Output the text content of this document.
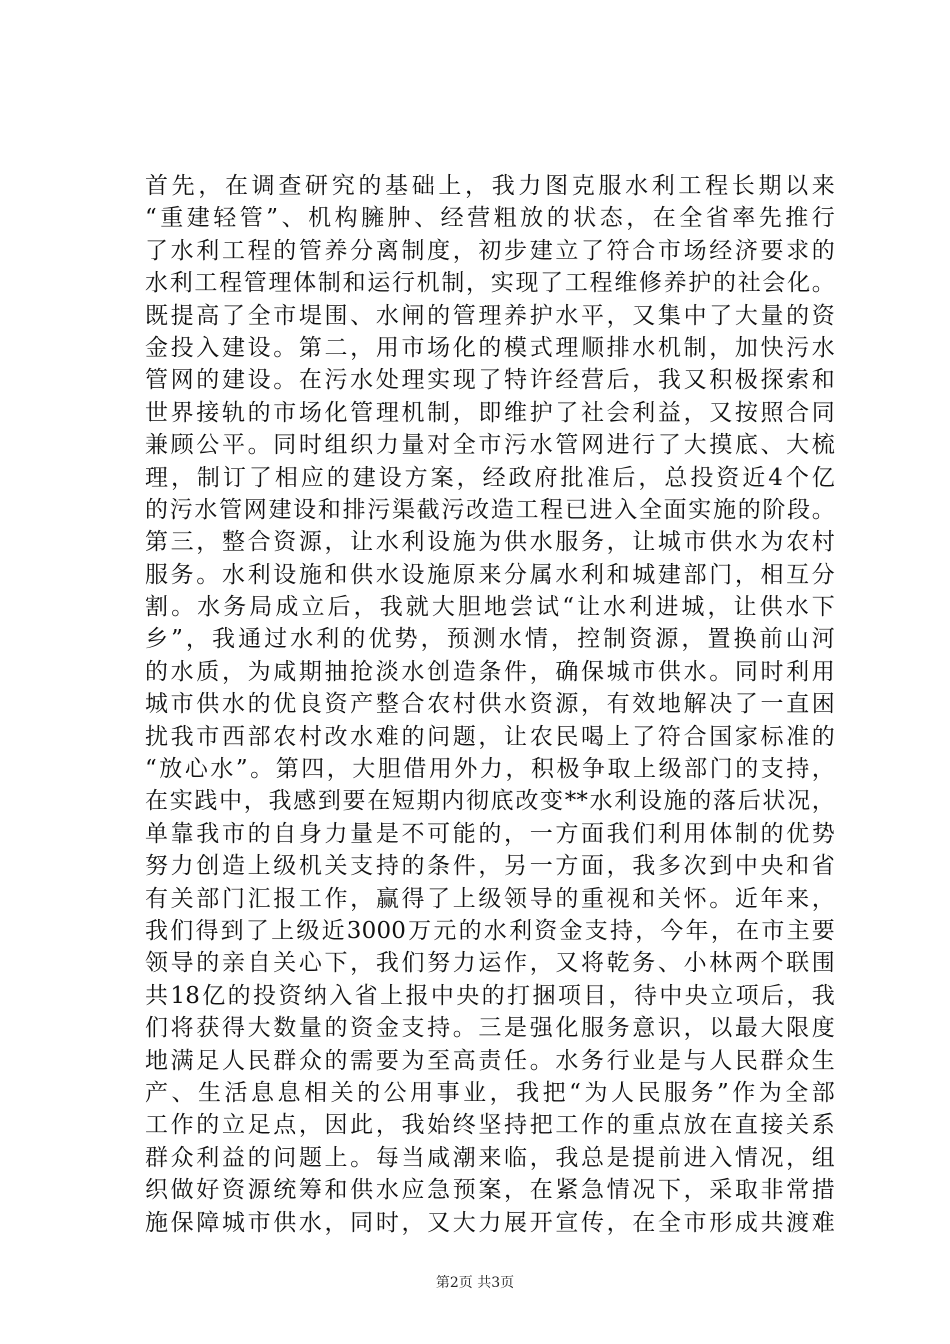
首先，在调查研究的基础上，我力图克服水利工程长期以来
“重建轻管”、机构臃肿、经营粗放的状态，在全省率先推行
了水利工程的管养分离制度，初步建立了符合市场经济要求的
水利工程管理体制和运行机制，实现了工程维修养护的社会化。
既提高了全市堤围、水闸的管理养护水平，又集中了大量的资
金投入建设。第二，用市场化的模式理顺排水机制，加快污水
管网的建设。在污水处理实现了特许经营后，我又积极探索和
世界接轨的市场化管理机制，即维护了社会利益，又按照合同
兼顾公平。同时组织力量对全市污水管网进行了大摸底、大梳
理，制订了相应的建设方案，经政府批准后，总投资近4个亿
的污水管网建设和排污渠截污改造工程已进入全面实施的阶段。
第三，整合资源，让水利设施为供水服务，让城市供水为农村
服务。水利设施和供水设施原来分属水利和城建部门，相互分
割。水务局成立后，我就大胆地尝试“让水利进城，让供水下
乡”，我通过水利的优势，预测水情，控制资源，置换前山河
的水质，为咸期抽抢淡水创造条件，确保城市供水。同时利用
城市供水的优良资产整合农村供水资源，有效地解决了一直困
扰我市西部农村改水难的问题，让农民喝上了符合国家标准的
“放心水”。第四，大胆借用外力，积极争取上级部门的支持，
在实践中，我感到要在短期内彻底改变**水利设施的落后状况，
单靠我市的自身力量是不可能的，一方面我们利用体制的优势
努力创造上级机关支持的条件，另一方面，我多次到中央和省
有关部门汇报工作，赢得了上级领导的重视和关怀。近年来，
我们得到了上级近3000万元的水利资金支持，今年，在市主要
领导的亲自关心下，我们努力运作，又将乾务、小林两个联围
共18亿的投资纳入省上报中央的打捆项目，待中央立项后，我
们将获得大数量的资金支持。三是强化服务意识，以最大限度
地满足人民群众的需要为至高责任。水务行业是与人民群众生
产、生活息息相关的公用事业，我把“为人民服务”作为全部
工作的立足点，因此，我始终坚持把工作的重点放在直接关系
群众利益的问题上。每当咸潮来临，我总是提前进入情况，组
织做好资源统筹和供水应急预案，在紧急情况下，采取非常措
施保障城市供水，同时，又大力展开宣传，在全市形成共渡难
第2页 共3页
